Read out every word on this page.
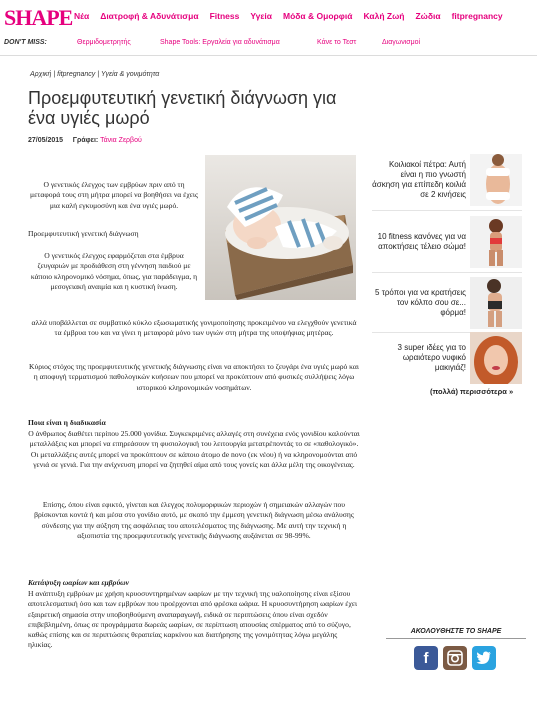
SHAPE Νέα Διατροφή & Αδυνάτισμα Fitness Υγεία Μόδα & Ομορφιά Καλή Ζωή Ζώδια fitpregnancy
DON'T MISS:	Θερμιδομετρητής	Shape Tools: Εργαλεία για αδυνάτισμα	Κάνε το Τεστ	Διαγωνισμοί
Αρχική | fitpregnancy | Υγεία & γονιμότητα
Προεμφυτευτική γενετική διάγνωση για ένα υγιές μωρό
27/05/2015 Γράφει: Τάνια Ζερβού
Ο γενετικός έλεγχος των εμβρύων πριν από τη μεταφορά τους στη μήτρα μπορεί να βοηθήσει να έχεις μια καλή εγκυμοσύνη και ένα υγιές μωρό.
Προεμφυτευτική γενετική διάγνωση
Ο γενετικός έλεγχος εφαρμόζεται στα έμβρυα ζευγαριών με προδιάθεση στη γέννηση παιδιού με κάποιο κληρονομικό νόσημα, όπως, για παράδειγμα, η μεσογειακή αναιμία και η κυστική ίνωση.
αλλά υποβάλλεται σε συμβατικό κύκλο εξωσωματικής γονιμοποίησης προκειμένου να ελεγχθούν γενετικά τα έμβρυα του και να γίνει η μεταφορά μόνο των υγιών στη μήτρα της υποψήφιας μητέρας.
Κύριος στόχος της προεμφυτευτικής γενετικής διάγνωσης είναι να αποκτήσει το ζευγάρι ένα υγιές μωρό και η αποφυγή τερματισμού παθολογικών κυήσεων που μπορεί να προκύπτουν από φυσικές συλλήψεις λόγω ιστορικού κληρονομικών νοσημάτων.
Ποια είναι η διαδικασία
Ο άνθρωπος διαθέτει περίπου 25.000 γονίδια. Συγκεκριμένες αλλαγές στη συνέχεια ενός γονιδίου καλούνται μεταλλάξεις και μπορεί να επηρεάσουν τη φυσιολογική του λειτουργία μετατρέποντάς το σε «παθολογικό». Οι μεταλλάξεις αυτές μπορεί να προκύπτουν σε κάποιο άτομο de novo (εκ νέου) ή να κληρονομούνται από γενιά σε γενιά. Για την ανίχνευση μπορεί να ζητηθεί αίμα από τους γονείς και άλλα μέλη της οικογένειας.
Επίσης, όπου είναι εφικτό, γίνεται και έλεγχος πολυμορφικών περιοχών ή σημειακών αλλαγών που βρίσκονται κοντά ή και μέσα στο γονίδιο αυτό, με σκοπό την έμμεση γενετική διάγνωση μέσω ανάλυσης σύνδεσης για την αύξηση της ασφάλειας του αποτελέσματος της διάγνωσης. Με αυτή την τεχνική η αξιοπιστία της προεμφυτευτικής γενετικής διάγνωσης αυξάνεται σε 98-99%.
Κατάψυξη ωαρίων και εμβρύων
Η ανάπτυξη εμβρύων με χρήση κρυοσυντηρημένων ωαρίων με την τεχνική της υαλοποίησης είναι εξίσου αποτελεσματική όσο και των εμβρύων που προέρχονται από φρέσκα ωάρια. Η κρυοσυντήρηση ωαρίων έχει εξαιρετική σημασία στην υποβοηθούμενη αναπαραγωγή, ειδικά σε περιπτώσεις όπου είναι σχεδόν επιβεβλημένη, όπως σε προγράμματα δωρεάς ωαρίων, σε περίπτωση απουσίας σπέρματος από το σύζυγο, καθώς επίσης και σε περιπτώσεις θεραπείας καρκίνου και διατήρησης της γονιμότητας λόγω μεγάλης ηλικίας.
Κοιλιακοί πέτρα: Αυτή είναι η πιο γνωστή άσκηση για επίπεδη κοιλιά σε 2 κινήσεις
10 fitness κανόνες για να αποκτήσεις τέλειο σώμα!
5 τρόποι για να κρατήσεις τον κόλπο σου σε... φόρμα!
3 super ιδέες για το ωραιότερο νυφικό μακιγιάζ!
(πολλά) περισσότερα »
ΑΚΟΛΟΥΘΗΣΤΕ ΤΟ SHAPE
f
